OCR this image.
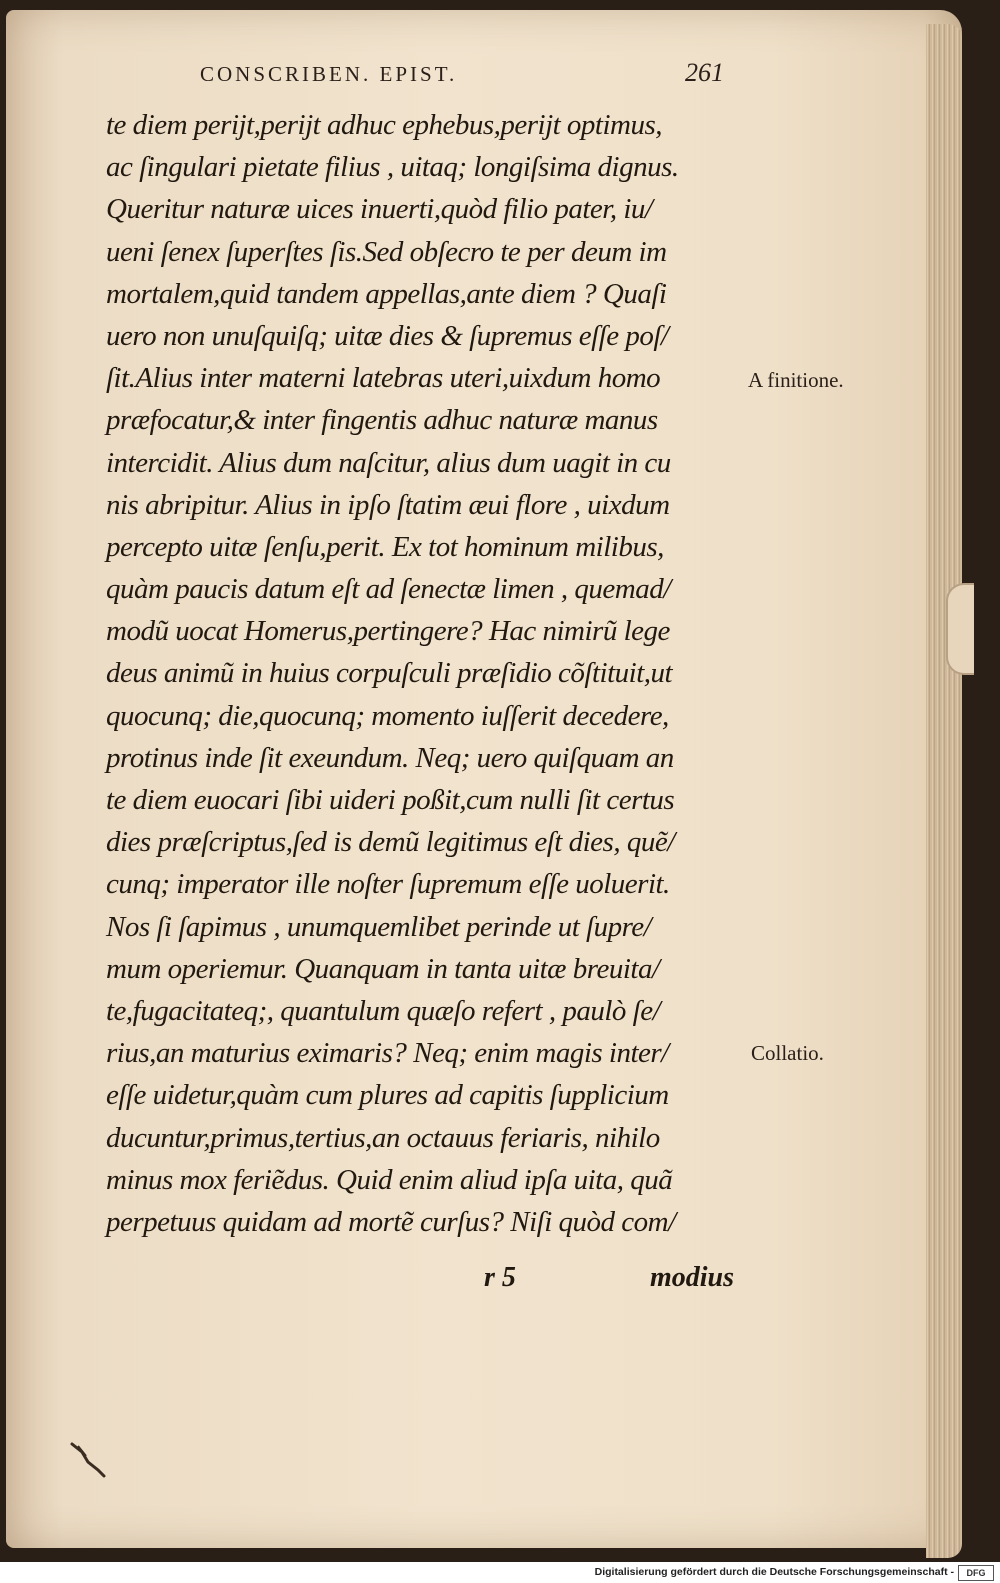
CONSCRIBEN. EPIST.	261
te diem perijt,perijt adhuc ephebus,perijt optimus,
ac ſingulari pietate filius , uitaq; longiſsima dignus.
Queritur naturæ uices inuerti,quòd filio pater, iu/
ueni ſenex ſuperſtes ſis.Sed obſecro te per deum im
mortalem,quid tandem appellas,ante diem ? Quaſi
uero non unuſquiſq; uitæ dies & ſupremus eſſe poſ/
ſit.Alius inter materni latebras uteri,uixdum homo
præfocatur,& inter fingentis adhuc naturæ manus
intercidit. Alius dum naſcitur, alius dum uagit in cu
nis abripitur. Alius in ipſo ſtatim æui flore , uixdum
percepto uitæ ſenſu,perit. Ex tot hominum milibus,
quàm paucis datum eſt ad ſenectæ limen , quemad/
modũ uocat Homerus,pertingere? Hac nimirũ lege
deus animũ in huius corpuſculi præſidio cõſtituit,ut
quocunq; die,quocunq; momento iuſſerit decedere,
protinus inde ſit exeundum. Neq; uero quiſquam an
te diem euocari ſibi uideri poßit,cum nulli ſit certus
dies præſcriptus,ſed is demũ legitimus eſt dies, quẽ/
cunq; imperator ille noſter ſupremum eſſe uoluerit.
Nos ſi ſapimus , unumquemlibet perinde ut ſupre/
mum operiemur. Quanquam in tanta uitæ breuita/
te,fugacitateq;, quantulum quæſo refert , paulò ſe/
rius,an maturius eximaris? Neq; enim magis inter/
eſſe uidetur,quàm cum plures ad capitis ſupplicium
ducuntur,primus,tertius,an octauus feriaris, nihilo
minus mox feriẽdus. Quid enim aliud ipſa uita, quã
perpetuus quidam ad mortẽ curſus? Niſi quòd com/
A finitione.
Collatio.
r 5	modius
Digitalisierung gefördert durch die Deutsche Forschungsgemeinschaft -	DFG
